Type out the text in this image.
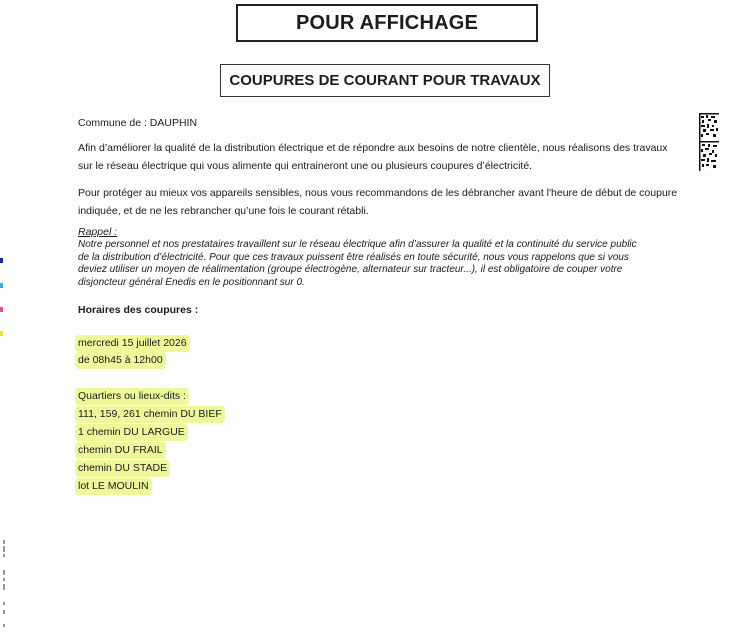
POUR AFFICHAGE
COUPURES DE COURANT POUR TRAVAUX
Commune de : DAUPHIN
Afin d’améliorer la qualité de la distribution électrique et de répondre aux besoins de notre clientèle, nous réalisons des travaux
sur le réseau électrique qui vous alimente qui entraineront une ou plusieurs coupures d’électricité.
Pour protéger au mieux vos appareils sensibles, nous vous recommandons de les débrancher avant l'heure de début de coupure
indiquée, et de ne les rebrancher qu’une fois le courant rétabli.
Rappel :
Notre personnel et nos prestataires travaillent sur le réseau électrique afin d’assurer la qualité et la continuité du service public
de la distribution d’électricité. Pour que ces travaux puissent être réalisés en toute sécurité, nous vous rappelons que si vous
deviez utiliser un moyen de réalimentation (groupe électrogène, alternateur sur tracteur...), il est obligatoire de couper votre
disjoncteur général Enedis en le positionnant sur 0.
Horaires des coupures :
mercredi 15 juillet 2026
de 08h45 à 12h00
Quartiers ou lieux-dits :
111, 159, 261 chemin DU BIEF
1 chemin DU LARGUE
chemin DU FRAIL
chemin DU STADE
lot LE MOULIN
